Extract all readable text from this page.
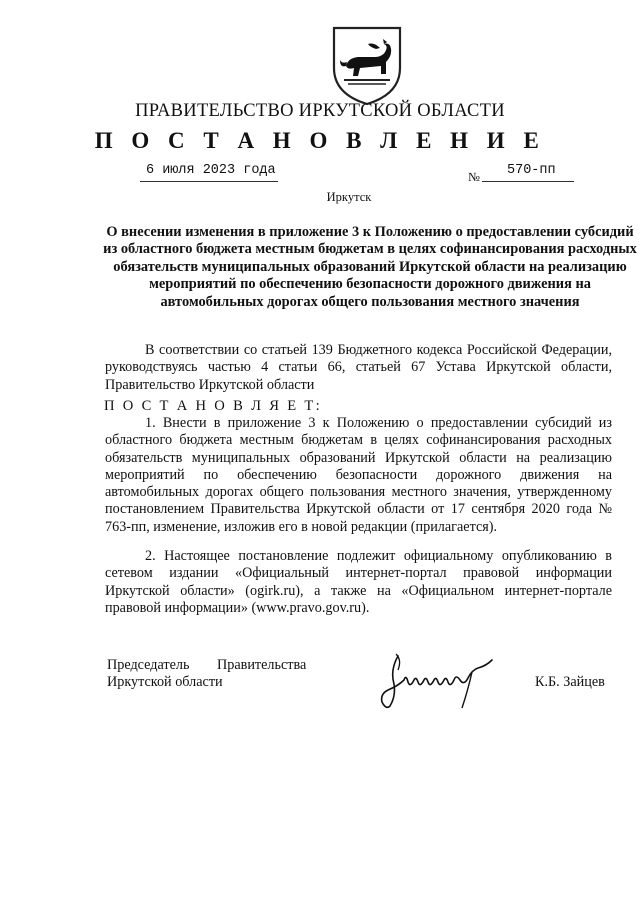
ПРАВИТЕЛЬСТВО ИРКУТСКОЙ ОБЛАСТИ
П О С Т А Н О В Л Е Н И Е
6 июля 2023 года	№ 570-пп
Иркутск
О внесении изменения в приложение 3 к Положению о предоставлении субсидий из областного бюджета местным бюджетам в целях софинансирования расходных обязательств муниципальных образований Иркутской области на реализацию мероприятий по обеспечению безопасности дорожного движения на автомобильных дорогах общего пользования местного значения
В соответствии со статьей 139 Бюджетного кодекса Российской Федерации, руководствуясь частью 4 статьи 66, статьей 67 Устава Иркутской области, Правительство Иркутской области
П О С Т А Н О В Л Я Е Т:
1. Внести в приложение 3 к Положению о предоставлении субсидий из областного бюджета местным бюджетам в целях софинансирования расходных обязательств муниципальных образований Иркутской области на реализацию мероприятий по обеспечению безопасности дорожного движения на автомобильных дорогах общего пользования местного значения, утвержденному постановлением Правительства Иркутской области от 17 сентября 2020 года № 763-пп, изменение, изложив его в новой редакции (прилагается).
2. Настоящее постановление подлежит официальному опубликованию в сетевом издании «Официальный интернет-портал правовой информации Иркутской области» (ogirk.ru), а также на «Официальном интернет-портале правовой информации» (www.pravo.gov.ru).
Председатель Правительства
Иркутской области	К.Б. Зайцев
